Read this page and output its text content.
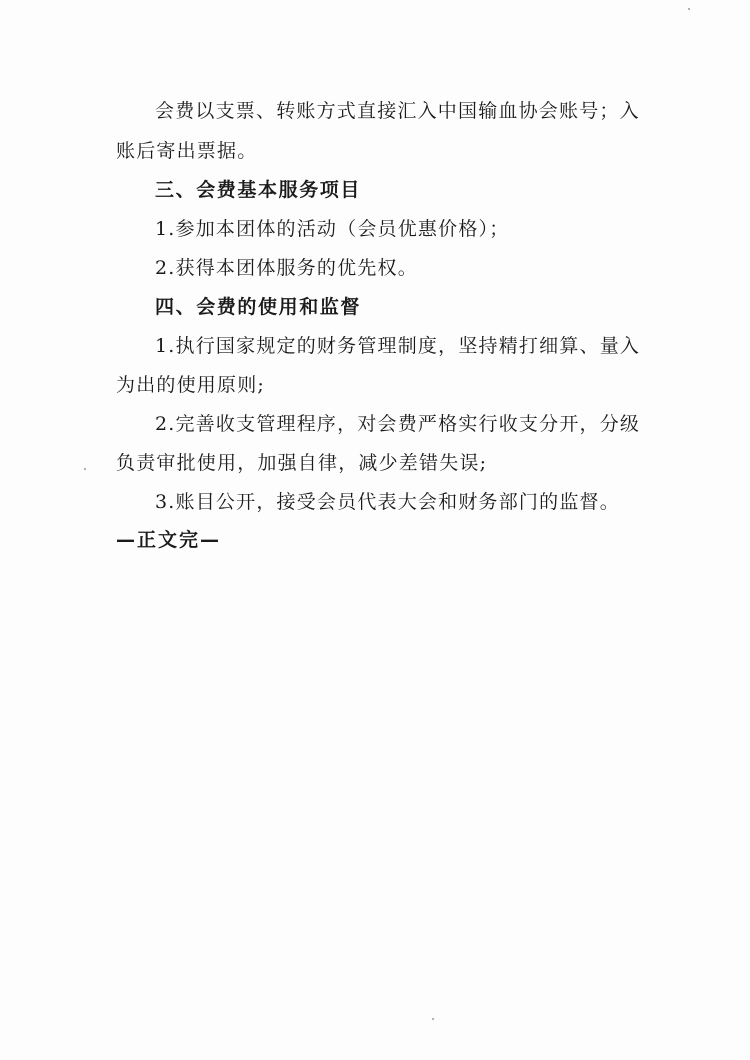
会费以支票、转账方式直接汇入中国输血协会账号；入
账后寄出票据。
三、会费基本服务项目
1.参加本团体的活动（会员优惠价格）；
2.获得本团体服务的优先权。
四、会费的使用和监督
1.执行国家规定的财务管理制度，坚持精打细算、量入
为出的使用原则;
2.完善收支管理程序，对会费严格实行收支分开，分级
负责审批使用，加强自律，减少差错失误;
3.账目公开，接受会员代表大会和财务部门的监督。
—正文完—
